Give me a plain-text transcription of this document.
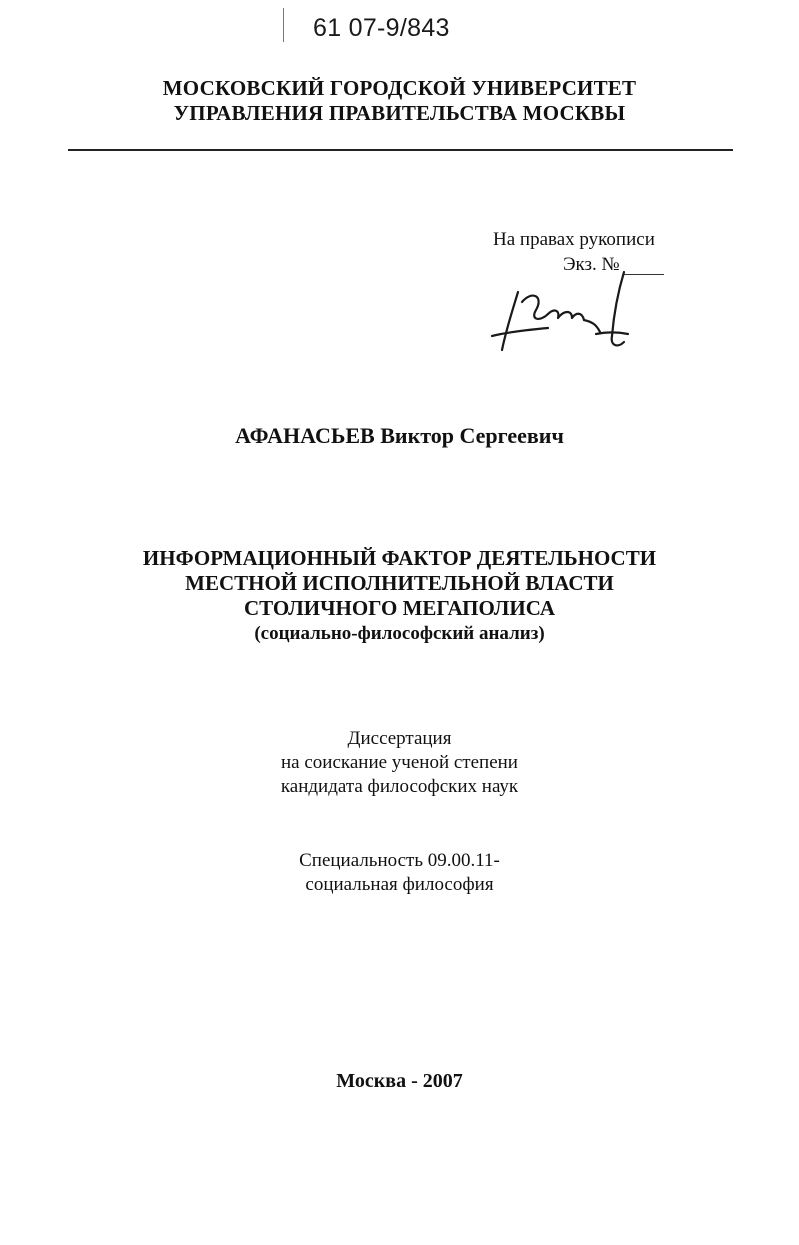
61 07-9/843
МОСКОВСКИЙ ГОРОДСКОЙ УНИВЕРСИТЕТ
УПРАВЛЕНИЯ ПРАВИТЕЛЬСТВА МОСКВЫ
На правах рукописи
Экз. №
АФАНАСЬЕВ Виктор Сергеевич
ИНФОРМАЦИОННЫЙ ФАКТОР ДЕЯТЕЛЬНОСТИ
МЕСТНОЙ ИСПОЛНИТЕЛЬНОЙ ВЛАСТИ
СТОЛИЧНОГО МЕГАПОЛИСА
(социально-философский анализ)
Диссертация
на соискание ученой степени
кандидата философских наук
Специальность 09.00.11-
социальная философия
Москва - 2007
